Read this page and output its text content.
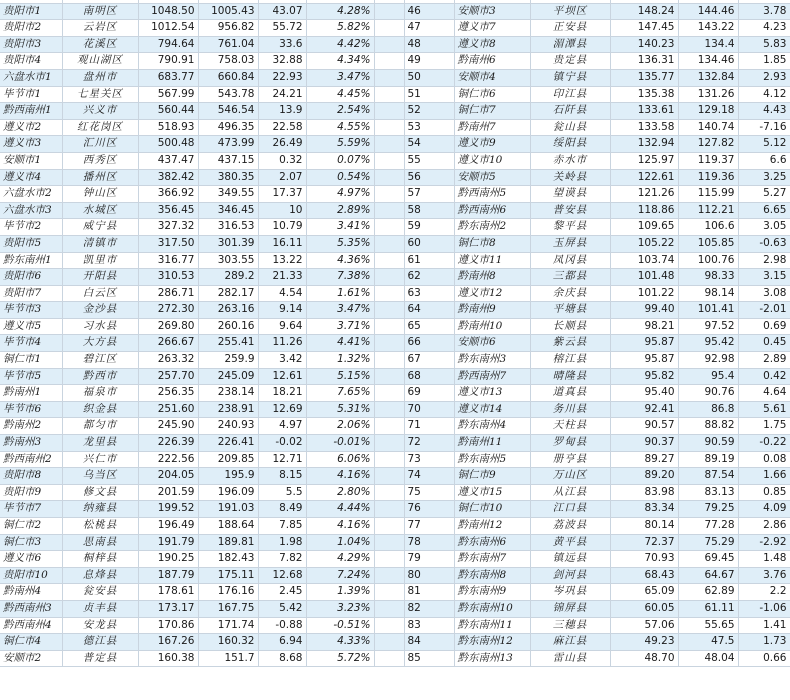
贵阳市1	南明区	1048.50	1005.43	43.07	4.28%		46	安顺市3	平坝区	148.24	144.46	3.78
贵阳市2	云岩区	1012.54	956.82	55.72	5.82%		47	遵义市7	正安县	147.45	143.22	4.23
贵阳市3	花溪区	794.64	761.04	33.6	4.42%		48	遵义市8	湄潭县	140.23	134.4	5.83
贵阳市4	观山湖区	790.91	758.03	32.88	4.34%		49	黔南州6	贵定县	136.31	134.46	1.85
六盘水市1	盘州市	683.77	660.84	22.93	3.47%		50	安顺市4	镇宁县	135.77	132.84	2.93
毕节市1	七星关区	567.99	543.78	24.21	4.45%		51	铜仁市6	印江县	135.38	131.26	4.12
黔西南州1	兴义市	560.44	546.54	13.9	2.54%		52	铜仁市7	石阡县	133.61	129.18	4.43
遵义市2	红花岗区	518.93	496.35	22.58	4.55%		53	黔南州7	瓮山县	133.58	140.74	-7.16
遵义市3	汇川区	500.48	473.99	26.49	5.59%		54	遵义市9	绥阳县	132.94	127.82	5.12
安顺市1	西秀区	437.47	437.15	0.32	0.07%		55	遵义市10	赤水市	125.97	119.37	6.6
遵义市4	播州区	382.42	380.35	2.07	0.54%		56	安顺市5	关岭县	122.61	119.36	3.25
六盘水市2	钟山区	366.92	349.55	17.37	4.97%		57	黔西南州5	望谟县	121.26	115.99	5.27
六盘水市3	水城区	356.45	346.45	10	2.89%		58	黔西南州6	普安县	118.86	112.21	6.65
毕节市2	威宁县	327.32	316.53	10.79	3.41%		59	黔东南州2	黎平县	109.65	106.6	3.05
贵阳市5	清镇市	317.50	301.39	16.11	5.35%		60	铜仁市8	玉屏县	105.22	105.85	-0.63
黔东南州1	凯里市	316.77	303.55	13.22	4.36%		61	遵义市11	凤冈县	103.74	100.76	2.98
贵阳市6	开阳县	310.53	289.2	21.33	7.38%		62	黔南州8	三都县	101.48	98.33	3.15
贵阳市7	白云区	286.71	282.17	4.54	1.61%		63	遵义市12	余庆县	101.22	98.14	3.08
毕节市3	金沙县	272.30	263.16	9.14	3.47%		64	黔南州9	平塘县	99.40	101.41	-2.01
遵义市5	习水县	269.80	260.16	9.64	3.71%		65	黔南州10	长顺县	98.21	97.52	0.69
毕节市4	大方县	266.67	255.41	11.26	4.41%		66	安顺市6	紫云县	95.87	95.42	0.45
铜仁市1	碧江区	263.32	259.9	3.42	1.32%		67	黔东南州3	榕江县	95.87	92.98	2.89
毕节市5	黔西市	257.70	245.09	12.61	5.15%		68	黔西南州7	晴隆县	95.82	95.4	0.42
黔南州1	福泉市	256.35	238.14	18.21	7.65%		69	遵义市13	道真县	95.40	90.76	4.64
毕节市6	织金县	251.60	238.91	12.69	5.31%		70	遵义市14	务川县	92.41	86.8	5.61
黔南州2	都匀市	245.90	240.93	4.97	2.06%		71	黔东南州4	天柱县	90.57	88.82	1.75
黔南州3	龙里县	226.39	226.41	-0.02	-0.01%		72	黔南州11	罗甸县	90.37	90.59	-0.22
黔西南州2	兴仁市	222.56	209.85	12.71	6.06%		73	黔东南州5	册亨县	89.27	89.19	0.08
贵阳市8	乌当区	204.05	195.9	8.15	4.16%		74	铜仁市9	万山区	89.20	87.54	1.66
贵阳市9	修文县	201.59	196.09	5.5	2.80%		75	遵义市15	从江县	83.98	83.13	0.85
毕节市7	纳雍县	199.52	191.03	8.49	4.44%		76	铜仁市10	江口县	83.34	79.25	4.09
铜仁市2	松桃县	196.49	188.64	7.85	4.16%		77	黔南州12	荔波县	80.14	77.28	2.86
铜仁市3	思南县	191.79	189.81	1.98	1.04%		78	黔东南州6	黄平县	72.37	75.29	-2.92
遵义市6	桐梓县	190.25	182.43	7.82	4.29%		79	黔东南州7	镇远县	70.93	69.45	1.48
贵阳市10	息烽县	187.79	175.11	12.68	7.24%		80	黔东南州8	剑河县	68.43	64.67	3.76
黔南州4	瓮安县	178.61	176.16	2.45	1.39%		81	黔东南州9	岑巩县	65.09	62.89	2.2
黔西南州3	贞丰县	173.17	167.75	5.42	3.23%		82	黔东南州10	锦屏县	60.05	61.11	-1.06
黔西南州4	安龙县	170.86	171.74	-0.88	-0.51%		83	黔东南州11	三穗县	57.06	55.65	1.41
铜仁市4	德江县	167.26	160.32	6.94	4.33%		84	黔东南州12	麻江县	49.23	47.5	1.73
安顺市2	普定县	160.38	151.7	8.68	5.72%		85	黔东南州13	雷山县	48.70	48.04	0.66
